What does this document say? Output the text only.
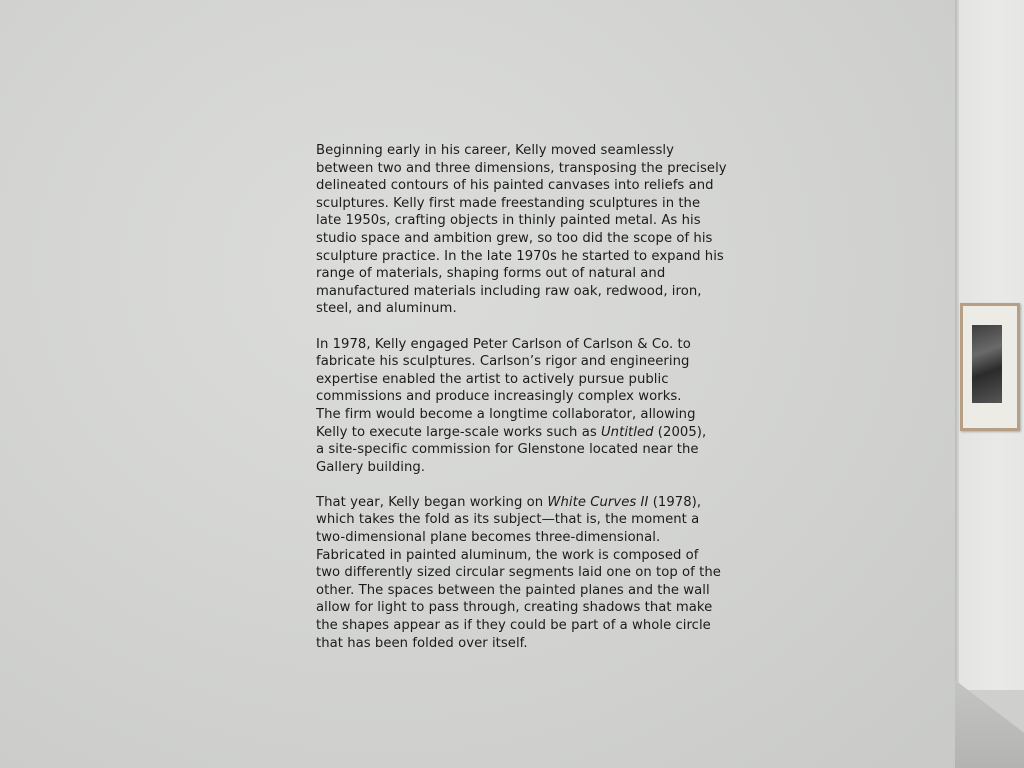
Beginning early in his career, Kelly moved seamlessly
between two and three dimensions, transposing the precisely
delineated contours of his painted canvases into reliefs and
sculptures. Kelly first made freestanding sculptures in the
late 1950s, crafting objects in thinly painted metal. As his
studio space and ambition grew, so too did the scope of his
sculpture practice. In the late 1970s he started to expand his
range of materials, shaping forms out of natural and
manufactured materials including raw oak, redwood, iron,
steel, and aluminum.
In 1978, Kelly engaged Peter Carlson of Carlson & Co. to
fabricate his sculptures. Carlson’s rigor and engineering
expertise enabled the artist to actively pursue public
commissions and produce increasingly complex works.
The firm would become a longtime collaborator, allowing
Kelly to execute large-scale works such as Untitled (2005),
a site-specific commission for Glenstone located near the
Gallery building.
That year, Kelly began working on White Curves II (1978),
which takes the fold as its subject—that is, the moment a
two-dimensional plane becomes three-dimensional.
Fabricated in painted aluminum, the work is composed of
two differently sized circular segments laid one on top of the
other. The spaces between the painted planes and the wall
allow for light to pass through, creating shadows that make
the shapes appear as if they could be part of a whole circle
that has been folded over itself.
